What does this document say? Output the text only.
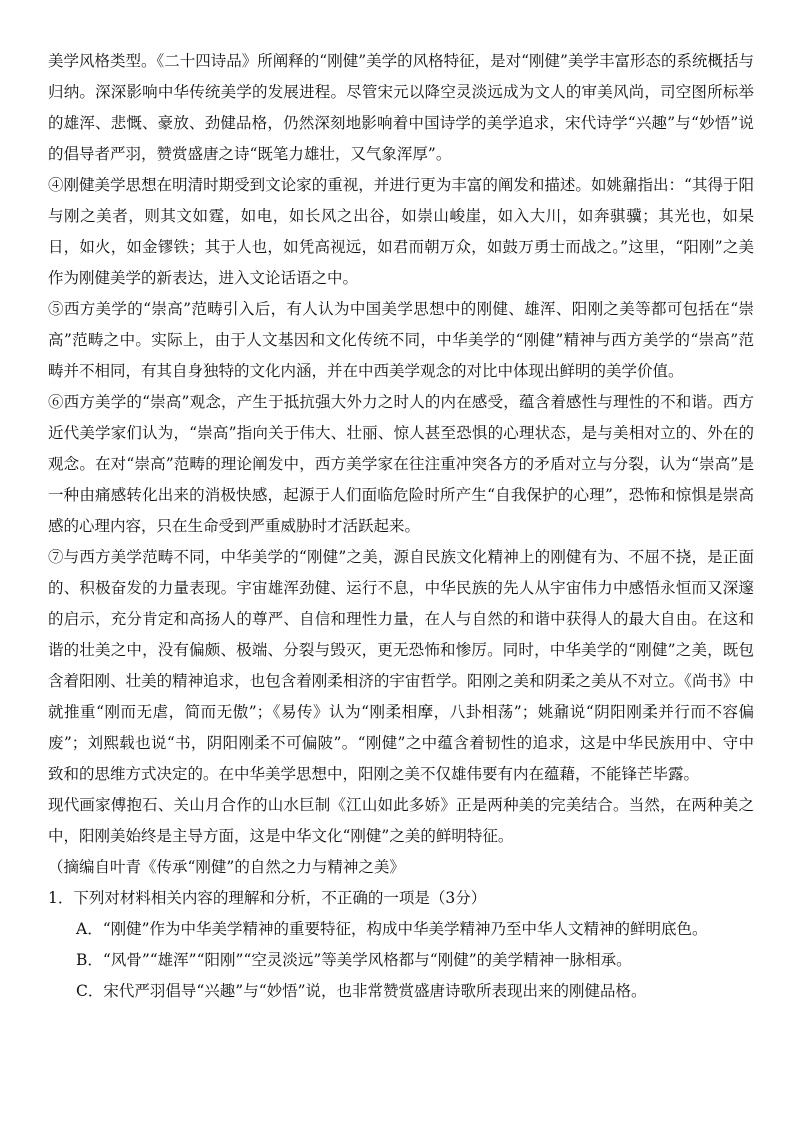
美学风格类型。《二十四诗品》所阐释的“刚健”美学的风格特征，是对“刚健”美学丰富形态的系统概括与归纳。深深影响中华传统美学的发展进程。尽管宋元以降空灵淡远成为文人的审美风尚，司空图所标举的雄浑、悲慨、豪放、劲健品格，仍然深刻地影响着中国诗学的美学追求，宋代诗学“兴趣”与“妙悟”说的倡导者严羽，赞赏盛唐之诗“既笔力雄壮，又气象浑厚”。

④刚健美学思想在明清时期受到文论家的重视，并进行更为丰富的阐发和描述。如姚鼐指出：“其得于阳与刚之美者，则其文如霆，如电，如长风之出谷，如崇山峻崖，如入大川，如奔骐骥；其光也，如杲日，如火，如金镠铁；其于人也，如凭高视远，如君而朝万众，如鼓万勇士而战之。”这里，“阳刚”之美作为刚健美学的新表达，进入文论话语之中。

⑤西方美学的“崇高”范畴引入后，有人认为中国美学思想中的刚健、雄浑、阳刚之美等都可包括在“崇高”范畴之中。实际上，由于人文基因和文化传统不同，中华美学的“刚健”精神与西方美学的“崇高”范畴并不相同，有其自身独特的文化内涵，并在中西美学观念的对比中体现出鲜明的美学价值。

⑥西方美学的“崇高”观念，产生于抵抗强大外力之时人的内在感受，蕴含着感性与理性的不和谐。西方近代美学家们认为，“崇高”指向关于伟大、壮丽、惊人甚至恐惧的心理状态，是与美相对立的、外在的观念。在对“崇高”范畴的理论阐发中，西方美学家在往注重冲突各方的矛盾对立与分裂，认为“崇高”是一种由痛感转化出来的消极快感，起源于人们面临危险时所产生“自我保护的心理”，恐怖和惊惧是崇高感的心理内容，只在生命受到严重威胁时才活跃起来。

⑦与西方美学范畴不同，中华美学的“刚健”之美，源自民族文化精神上的刚健有为、不屈不挠，是正面的、积极奋发的力量表现。宇宙雄浑劲健、运行不息，中华民族的先人从宇宙伟力中感悟永恒而又深邃的启示，充分肯定和高扬人的尊严、自信和理性力量，在人与自然的和谐中获得人的最大自由。在这和谐的壮美之中，没有偏颇、极端、分裂与毁灭，更无恐怖和惨厉。同时，中华美学的“刚健”之美，既包含着阳刚、壮美的精神追求，也包含着刚柔相济的宇宙哲学。阳刚之美和阴柔之美从不对立。《尚书》中就推重“刚而无虐，简而无傲”；《易传》认为“刚柔相摩，八卦相荡”；姚鼐说“阴阳刚柔并行而不容偏废”；刘熙载也说“书，阴阳刚柔不可偏陂”。“刚健”之中蕴含着韧性的追求，这是中华民族用中、守中致和的思维方式决定的。在中华美学思想中，阳刚之美不仅雄伟要有内在蕴藉，不能锋芒毕露。

现代画家傅抱石、关山月合作的山水巨制《江山如此多娇》正是两种美的完美结合。当然，在两种美之中，阳刚美始终是主导方面，这是中华文化“刚健”之美的鲜明特征。

（摘编自叶青《传承“刚健”的自然之力与精神之美》

1．下列对材料相关内容的理解和分析，不正确的一项是（3分）

A．“刚健”作为中华美学精神的重要特征，构成中华美学精神乃至中华人文精神的鲜明底色。

B．“风骨”“雄浑”“阳刚”“空灵淡远”等美学风格都与“刚健”的美学精神一脉相承。

C．宋代严羽倡导“兴趣”与“妙悟”说，也非常赞赏盛唐诗歌所表现出来的刚健品格。
